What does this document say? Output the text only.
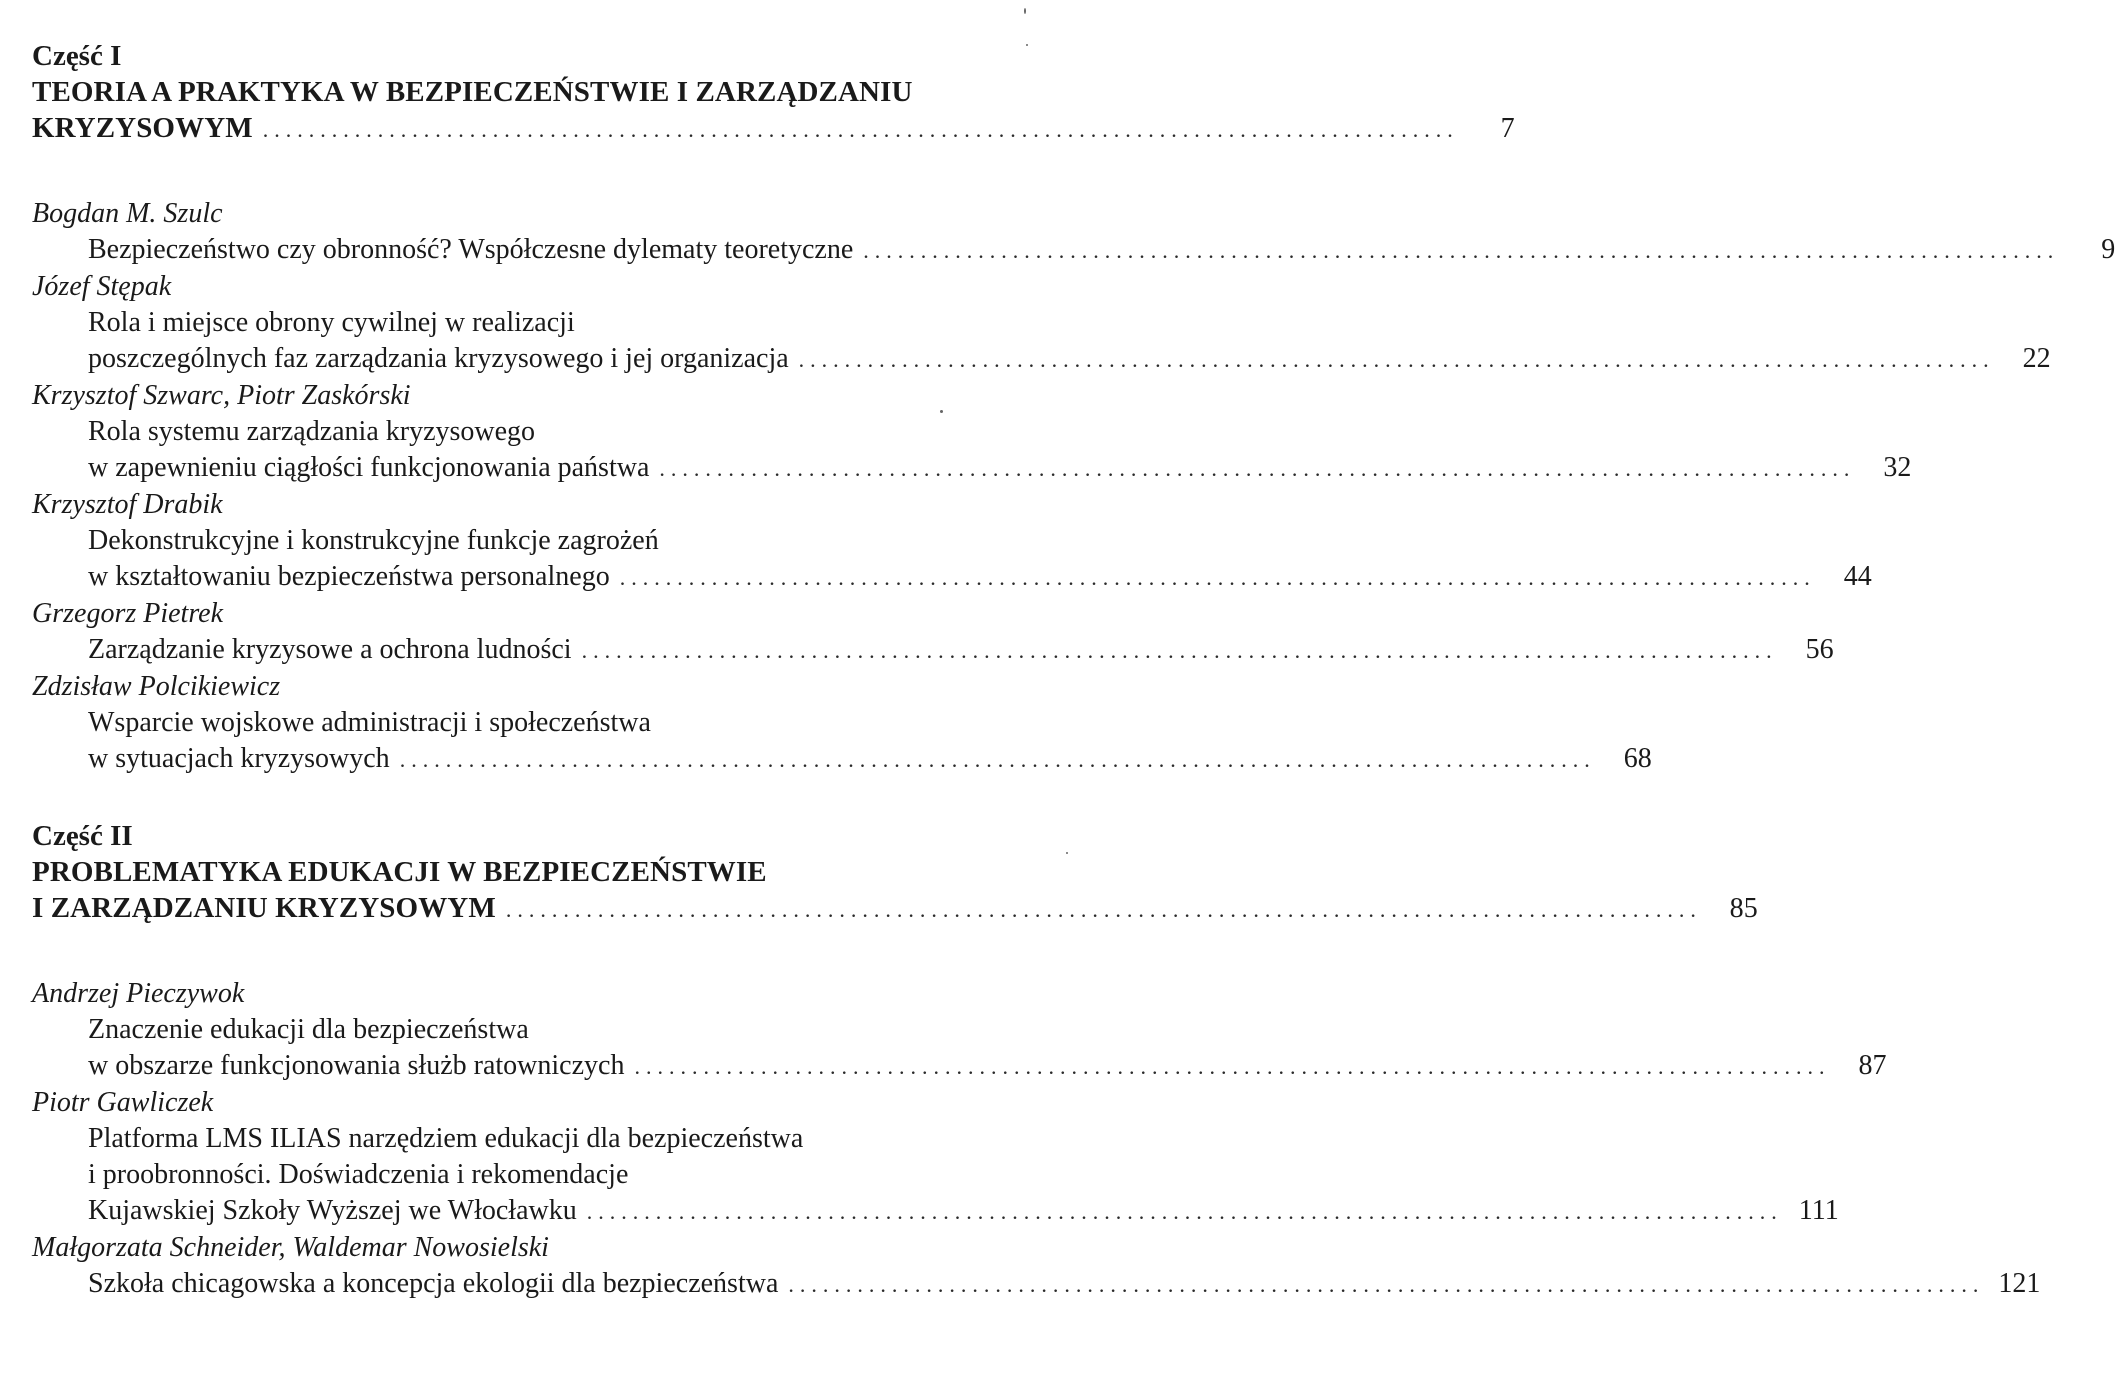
Część I
TEORIA A PRAKTYKA W BEZPIECZEŃSTWIE I ZARZĄDZANIU
KRYZYSOWYM ........................................................................................................	7
Bogdan M. Szulc
Bezpieczeństwo czy obronność? Współczesne dylematy teoretyczne ........................................................................................................	9
Józef Stępak
Rola i miejsce obrony cywilnej w realizacji
poszczególnych faz zarządzania kryzysowego i jej organizacja ........................................................................................................	22
Krzysztof Szwarc, Piotr Zaskórski
Rola systemu zarządzania kryzysowego
w zapewnieniu ciągłości funkcjonowania państwa ........................................................................................................	32
Krzysztof Drabik
Dekonstrukcyjne i konstrukcyjne funkcje zagrożeń
w kształtowaniu bezpieczeństwa personalnego ........................................................................................................	44
Grzegorz Pietrek
Zarządzanie kryzysowe a ochrona ludności ........................................................................................................	56
Zdzisław Polcikiewicz
Wsparcie wojskowe administracji i społeczeństwa
w sytuacjach kryzysowych ........................................................................................................	68
Część II
PROBLEMATYKA EDUKACJI W BEZPIECZEŃSTWIE
I ZARZĄDZANIU KRYZYSOWYM ........................................................................................................ 85
Andrzej Pieczywok
Znaczenie edukacji dla bezpieczeństwa
w obszarze funkcjonowania służb ratowniczych ........................................................................................................	87
Piotr Gawliczek
Platforma LMS ILIAS narzędziem edukacji dla bezpieczeństwa
i proobronności. Doświadczenia i rekomendacje
Kujawskiej Szkoły Wyższej we Włocławku ........................................................................................................ 111
Małgorzata Schneider, Waldemar Nowosielski
Szkoła chicagowska a koncepcja ekologii dla bezpieczeństwa ........................................................................................................ 121
